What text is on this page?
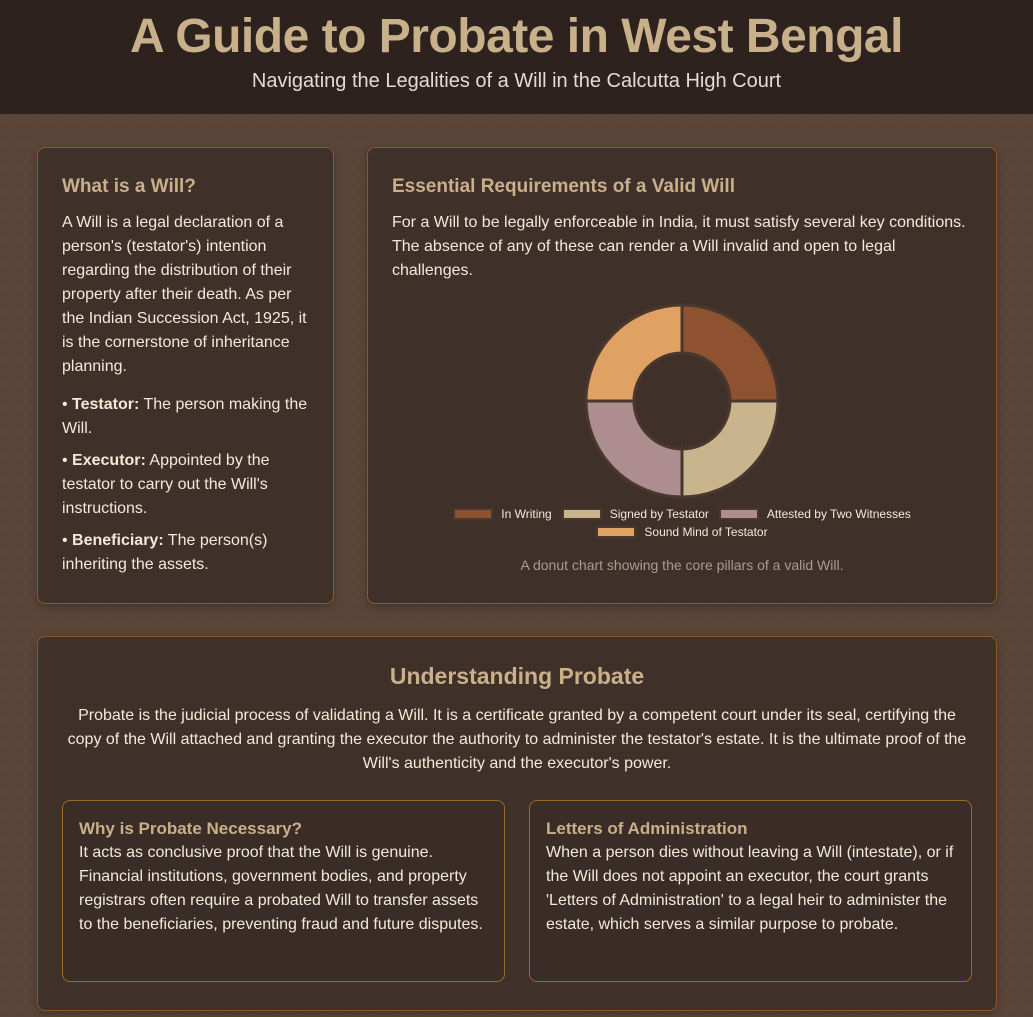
A Guide to Probate in West Bengal
Navigating the Legalities of a Will in the Calcutta High Court
What is a Will?

A Will is a legal declaration of a person's (testator's) intention regarding the distribution of their property after their death. As per the Indian Succession Act, 1925, it is the cornerstone of inheritance planning.

• Testator: The person making the Will.
• Executor: Appointed by the testator to carry out the Will's instructions.
• Beneficiary: The person(s) inheriting the assets.
Essential Requirements of a Valid Will

For a Will to be legally enforceable in India, it must satisfy several key conditions. The absence of any of these can render a Will invalid and open to legal challenges.

In Writing	Signed by Testator	Attested by Two Witnesses
Sound Mind of Testator
A donut chart showing the core pillars of a valid Will.
Understanding Probate

Probate is the judicial process of validating a Will. It is a certificate granted by a competent court under its seal, certifying the copy of the Will attached and granting the executor the authority to administer the testator's estate. It is the ultimate proof of the Will's authenticity and the executor's power.

Why is Probate Necessary?

It acts as conclusive proof that the Will is genuine. Financial institutions, government bodies, and property registrars often require a probated Will to transfer assets to the beneficiaries, preventing fraud and future disputes.

Letters of Administration

When a person dies without leaving a Will (intestate), or if the Will does not appoint an executor, the court grants 'Letters of Administration' to a legal heir to administer the estate, which serves a similar purpose to probate.
